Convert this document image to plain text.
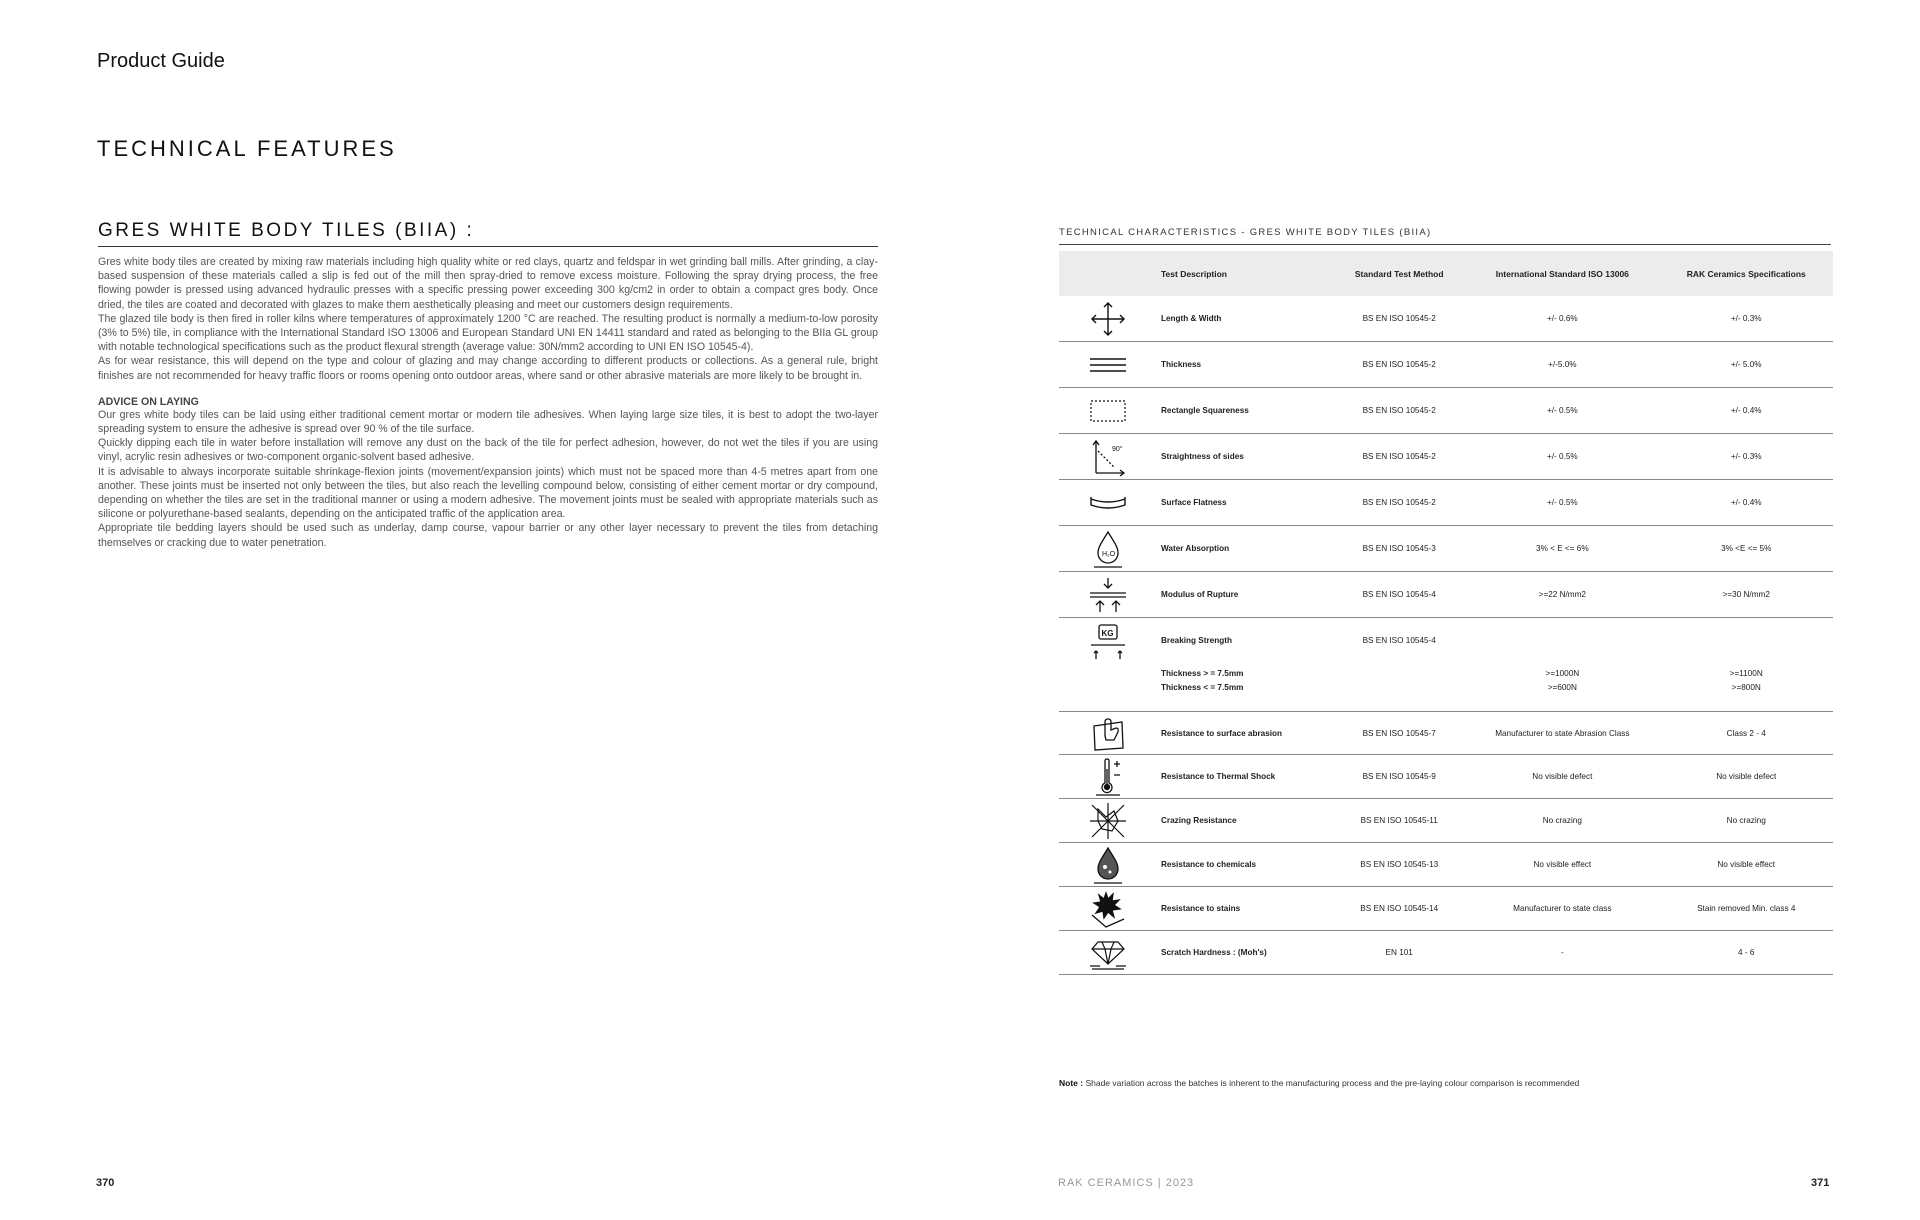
Product Guide
TECHNICAL FEATURES
GRES WHITE BODY TILES (BIIA) :

Gres white body tiles are created by mixing raw materials including high quality white or red clays, quartz and feldspar in wet grinding ball mills. After grinding, a clay-based suspension of these materials called a slip is fed out of the mill then spray-dried to remove excess moisture. Following the spray drying process, the free flowing powder is pressed using advanced hydraulic presses with a specific pressing power exceeding 300 kg/cm2 in order to obtain a compact gres body. Once dried, the tiles are coated and decorated with glazes to make them aesthetically pleasing and meet our customers design requirements.

The glazed tile body is then fired in roller kilns where temperatures of approximately 1200 °C are reached. The resulting product is normally a medium-to-low porosity (3% to 5%) tile, in compliance with the International Standard ISO 13006 and European Standard UNI EN 14411 standard and rated as belonging to the BIIa GL group with notable technological specifications such as the product flexural strength (average value: 30N/mm2 according to UNI EN ISO 10545-4).

As for wear resistance, this will depend on the type and colour of glazing and may change according to different products or collections. As a general rule, bright finishes are not recommended for heavy traffic floors or rooms opening onto outdoor areas, where sand or other abrasive materials are more likely to be brought in.

ADVICE ON LAYING

Our gres white body tiles can be laid using either traditional cement mortar or modern tile adhesives. When laying large size tiles, it is best to adopt the two-layer spreading system to ensure the adhesive is spread over 90 % of the tile surface.

Quickly dipping each tile in water before installation will remove any dust on the back of the tile for perfect adhesion, however, do not wet the tiles if you are using vinyl, acrylic resin adhesives or two-component organic-solvent based adhesive.

It is advisable to always incorporate suitable shrinkage-flexion joints (movement/expansion joints) which must not be spaced more than 4-5 metres apart from one another. These joints must be inserted not only between the tiles, but also reach the levelling compound below, consisting of either cement mortar or dry compound, depending on whether the tiles are set in the traditional manner or using a modern adhesive. The movement joints must be sealed with appropriate materials such as silicone or polyurethane-based sealants, depending on the anticipated traffic of the application area.

Appropriate tile bedding layers should be used such as underlay, damp course, vapour barrier or any other layer necessary to prevent the tiles from detaching themselves or cracking due to water penetration.

TECHNICAL CHARACTERISTICS - GRES WHITE BODY TILES (BIIA)
	Test Description	Standard Test Method	International Standard ISO 13006	RAK Ceramics Specifications

	Length & Width	BS EN ISO 10545-2	+/- 0.6%	+/- 0.3%

	Thickness	BS EN ISO 10545-2	+/-5.0%	+/- 5.0%

	Rectangle Squareness	BS EN ISO 10545-2	+/- 0.5%	+/- 0.4%

90°	Straightness of sides	BS EN ISO 10545-2	+/- 0.5%	+/- 0.3%

	Surface Flatness	BS EN ISO 10545-2	+/- 0.5%	+/- 0.4%

H₂O	Water Absorption	BS EN ISO 10545-3	3% < E <= 6%	3% <E <= 5%

	Modulus of Rupture	BS EN ISO 10545-4	>=22 N/mm2	>=30 N/mm2

KG	Breaking Strength	BS EN ISO 10545-4		
	Thickness > = 7.5mm		>=1000N	>=1100N
	Thickness < = 7.5mm		>=600N	>=800N

	Resistance to surface abrasion	BS EN ISO 10545-7	Manufacturer to state Abrasion Class	Class 2 - 4

	Resistance to Thermal Shock	BS EN ISO 10545-9	No visible defect	No visible defect

	Crazing Resistance	BS EN ISO 10545-11	No crazing	No crazing

	Resistance to chemicals	BS EN ISO 10545-13	No visible effect	No visible effect

	Resistance to stains	BS EN ISO 10545-14	Manufacturer to state class	Stain removed Min. class 4

	Scratch Hardness : (Moh's)	EN 101	-	4 - 6
Note : Shade variation across the batches is inherent to the manufacturing process and the pre-laying colour comparison is recommended
370	RAK CERAMICS | 2023	371
